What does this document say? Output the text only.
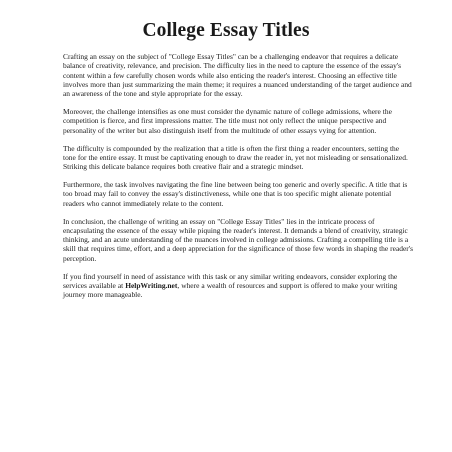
College Essay Titles

Crafting an essay on the subject of "College Essay Titles" can be a challenging endeavor that requires a delicate balance of creativity, relevance, and precision. The difficulty lies in the need to capture the essence of the essay's content within a few carefully chosen words while also enticing the reader's interest. Choosing an effective title involves more than just summarizing the main theme; it requires a nuanced understanding of the target audience and an awareness of the tone and style appropriate for the essay.

Moreover, the challenge intensifies as one must consider the dynamic nature of college admissions, where the competition is fierce, and first impressions matter. The title must not only reflect the unique perspective and personality of the writer but also distinguish itself from the multitude of other essays vying for attention.

The difficulty is compounded by the realization that a title is often the first thing a reader encounters, setting the tone for the entire essay. It must be captivating enough to draw the reader in, yet not misleading or sensationalized. Striking this delicate balance requires both creative flair and a strategic mindset.

Furthermore, the task involves navigating the fine line between being too generic and overly specific. A title that is too broad may fail to convey the essay's distinctiveness, while one that is too specific might alienate potential readers who cannot immediately relate to the content.

In conclusion, the challenge of writing an essay on "College Essay Titles" lies in the intricate process of encapsulating the essence of the essay while piquing the reader's interest. It demands a blend of creativity, strategic thinking, and an acute understanding of the nuances involved in college admissions. Crafting a compelling title is a skill that requires time, effort, and a deep appreciation for the significance of those few words in shaping the reader's perception.

If you find yourself in need of assistance with this task or any similar writing endeavors, consider exploring the services available at HelpWriting.net, where a wealth of resources and support is offered to make your writing journey more manageable.
